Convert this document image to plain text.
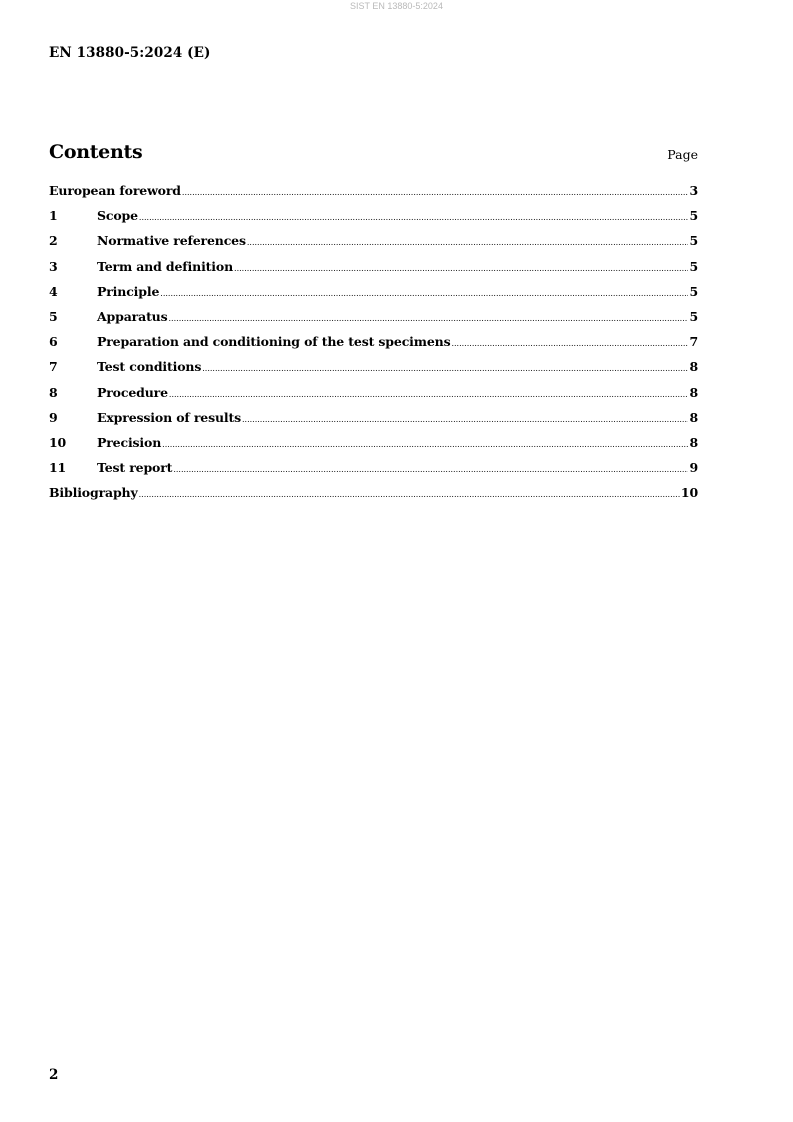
SIST EN 13880-5:2024
EN 13880-5:2024 (E)
Contents	Page
European foreword .....	3
1	Scope .....	5
2	Normative references .....	5
3	Term and definition .....	5
4	Principle .....	5
5	Apparatus .....	5
6	Preparation and conditioning of the test specimens .....	7
7	Test conditions .....	8
8	Procedure .....	8
9	Expression of results .....	8
10	Precision .....	8
11	Test report .....	9
Bibliography .....	10
2
